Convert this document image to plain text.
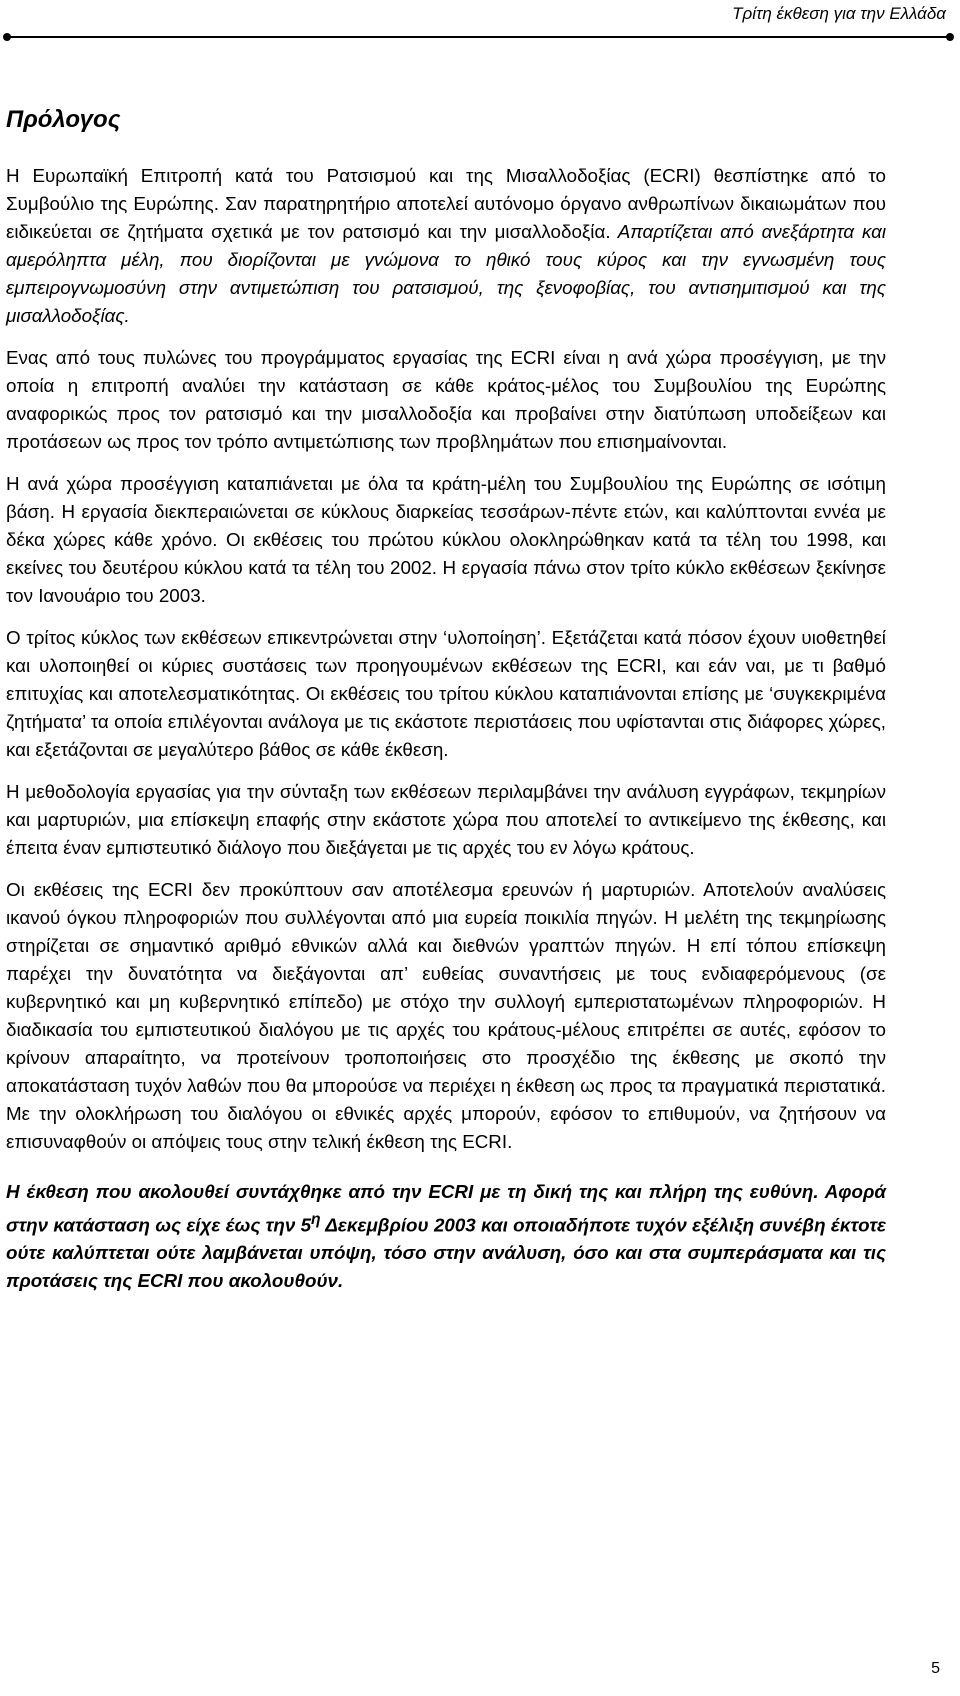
Τρίτη έκθεση για την Ελλάδα
Πρόλογος

Η Ευρωπαϊκή Επιτροπή κατά του Ρατσισμού και της Μισαλλοδοξίας (ECRI) θεσπίστηκε από το Συμβούλιο της Ευρώπης. Σαν παρατηρητήριο αποτελεί αυτόνομο όργανο ανθρωπίνων δικαιωμάτων που ειδικεύεται σε ζητήματα σχετικά με τον ρατσισμό και την μισαλλοδοξία. Απαρτίζεται από ανεξάρτητα και αμερόληπτα μέλη, που διορίζονται με γνώμονα το ηθικό τους κύρος και την εγνωσμένη τους εμπειρογνωμοσύνη στην αντιμετώπιση του ρατσισμού, της ξενοφοβίας, του αντισημιτισμού και της μισαλλοδοξίας.

Ενας από τους πυλώνες του προγράμματος εργασίας της ECRI είναι η ανά χώρα προσέγγιση, με την οποία η επιτροπή αναλύει την κατάσταση σε κάθε κράτος-μέλος του Συμβουλίου της Ευρώπης αναφορικώς προς τον ρατσισμό και την μισαλλοδοξία και προβαίνει στην διατύπωση υποδείξεων και προτάσεων ως προς τον τρόπο αντιμετώπισης των προβλημάτων που επισημαίνονται.

Η ανά χώρα προσέγγιση καταπιάνεται με όλα τα κράτη-μέλη του Συμβουλίου της Ευρώπης σε ισότιμη βάση. Η εργασία διεκπεραιώνεται σε κύκλους διαρκείας τεσσάρων-πέντε ετών, και καλύπτονται εννέα με δέκα χώρες κάθε χρόνο. Οι εκθέσεις του πρώτου κύκλου ολοκληρώθηκαν κατά τα τέλη του 1998, και εκείνες του δευτέρου κύκλου κατά τα τέλη του 2002. Η εργασία πάνω στον τρίτο κύκλο εκθέσεων ξεκίνησε τον Ιανουάριο του 2003.

Ο τρίτος κύκλος των εκθέσεων επικεντρώνεται στην ‘υλοποίηση’. Εξετάζεται κατά πόσον έχουν υιοθετηθεί και υλοποιηθεί οι κύριες συστάσεις των προηγουμένων εκθέσεων της ECRI, και εάν ναι, με τι βαθμό επιτυχίας και αποτελεσματικότητας. Οι εκθέσεις του τρίτου κύκλου καταπιάνονται επίσης με ‘συγκεκριμένα ζητήματα’ τα οποία επιλέγονται ανάλογα με τις εκάστοτε περιστάσεις που υφίστανται στις διάφορες χώρες, και εξετάζονται σε μεγαλύτερο βάθος σε κάθε έκθεση.

Η μεθοδολογία εργασίας για την σύνταξη των εκθέσεων περιλαμβάνει την ανάλυση εγγράφων, τεκμηρίων και μαρτυριών, μια επίσκεψη επαφής στην εκάστοτε χώρα που αποτελεί το αντικείμενο της έκθεσης, και έπειτα έναν εμπιστευτικό διάλογο που διεξάγεται με τις αρχές του εν λόγω κράτους.

Οι εκθέσεις της ECRI δεν προκύπτουν σαν αποτέλεσμα ερευνών ή μαρτυριών. Αποτελούν αναλύσεις ικανού όγκου πληροφοριών που συλλέγονται από μια ευρεία ποικιλία πηγών. Η μελέτη της τεκμηρίωσης στηρίζεται σε σημαντικό αριθμό εθνικών αλλά και διεθνών γραπτών πηγών. Η επί τόπου επίσκεψη παρέχει την δυνατότητα να διεξάγονται απ’ ευθείας συναντήσεις με τους ενδιαφερόμενους (σε κυβερνητικό και μη κυβερνητικό επίπεδο) με στόχο την συλλογή εμπεριστατωμένων πληροφοριών. Η διαδικασία του εμπιστευτικού διαλόγου με τις αρχές του κράτους-μέλους επιτρέπει σε αυτές, εφόσον το κρίνουν απαραίτητο, να προτείνουν τροποποιήσεις στο προσχέδιο της έκθεσης με σκοπό την αποκατάσταση τυχόν λαθών που θα μπορούσε να περιέχει η έκθεση ως προς τα πραγματικά περιστατικά. Με την ολοκλήρωση του διαλόγου οι εθνικές αρχές μπορούν, εφόσον το επιθυμούν, να ζητήσουν να επισυναφθούν οι απόψεις τους στην τελική έκθεση της ECRI.

Η έκθεση που ακολουθεί συντάχθηκε από την ECRI με τη δική της και πλήρη της ευθύνη. Αφορά στην κατάσταση ως είχε έως την $5^\eta$ Δεκεμβρίου 2003 και οποιαδήποτε τυχόν εξέλιξη συνέβη έκτοτε ούτε καλύπτεται ούτε λαμβάνεται υπόψη, τόσο στην ανάλυση, όσο και στα συμπεράσματα και τις προτάσεις της ECRI που ακολουθούν.

5
